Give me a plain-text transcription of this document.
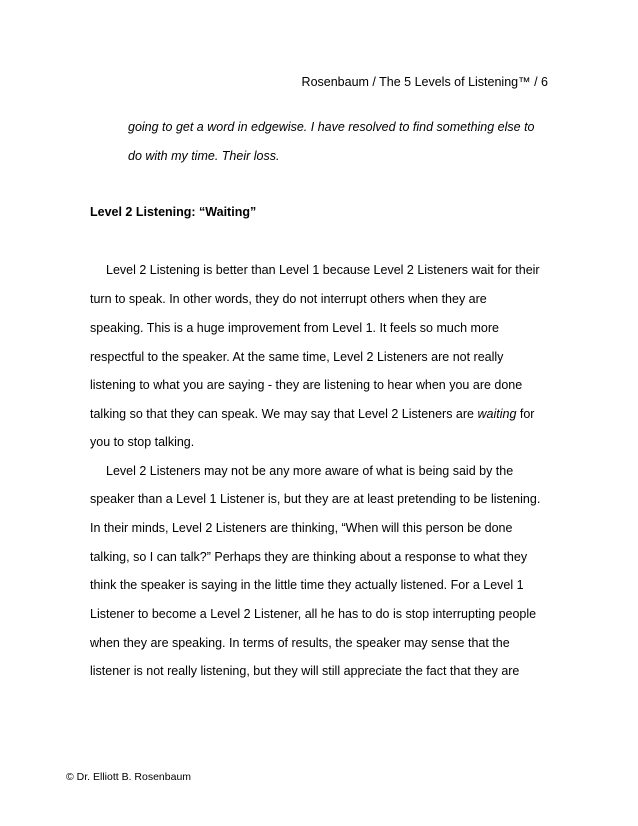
Rosenbaum / The 5 Levels of Listening™ / 6
going to get a word in edgewise. I have resolved to find something else to
do with my time. Their loss.
Level 2 Listening: “Waiting”
Level 2 Listening is better than Level 1 because Level 2 Listeners wait for their
turn to speak. In other words, they do not interrupt others when they are
speaking. This is a huge improvement from Level 1. It feels so much more
respectful to the speaker. At the same time, Level 2 Listeners are not really
listening to what you are saying - they are listening to hear when you are done
talking so that they can speak. We may say that Level 2 Listeners are waiting for
you to stop talking.
Level 2 Listeners may not be any more aware of what is being said by the
speaker than a Level 1 Listener is, but they are at least pretending to be listening.
In their minds, Level 2 Listeners are thinking, “When will this person be done
talking, so I can talk?” Perhaps they are thinking about a response to what they
think the speaker is saying in the little time they actually listened. For a Level 1
Listener to become a Level 2 Listener, all he has to do is stop interrupting people
when they are speaking. In terms of results, the speaker may sense that the
listener is not really listening, but they will still appreciate the fact that they are
© Dr. Elliott B. Rosenbaum
